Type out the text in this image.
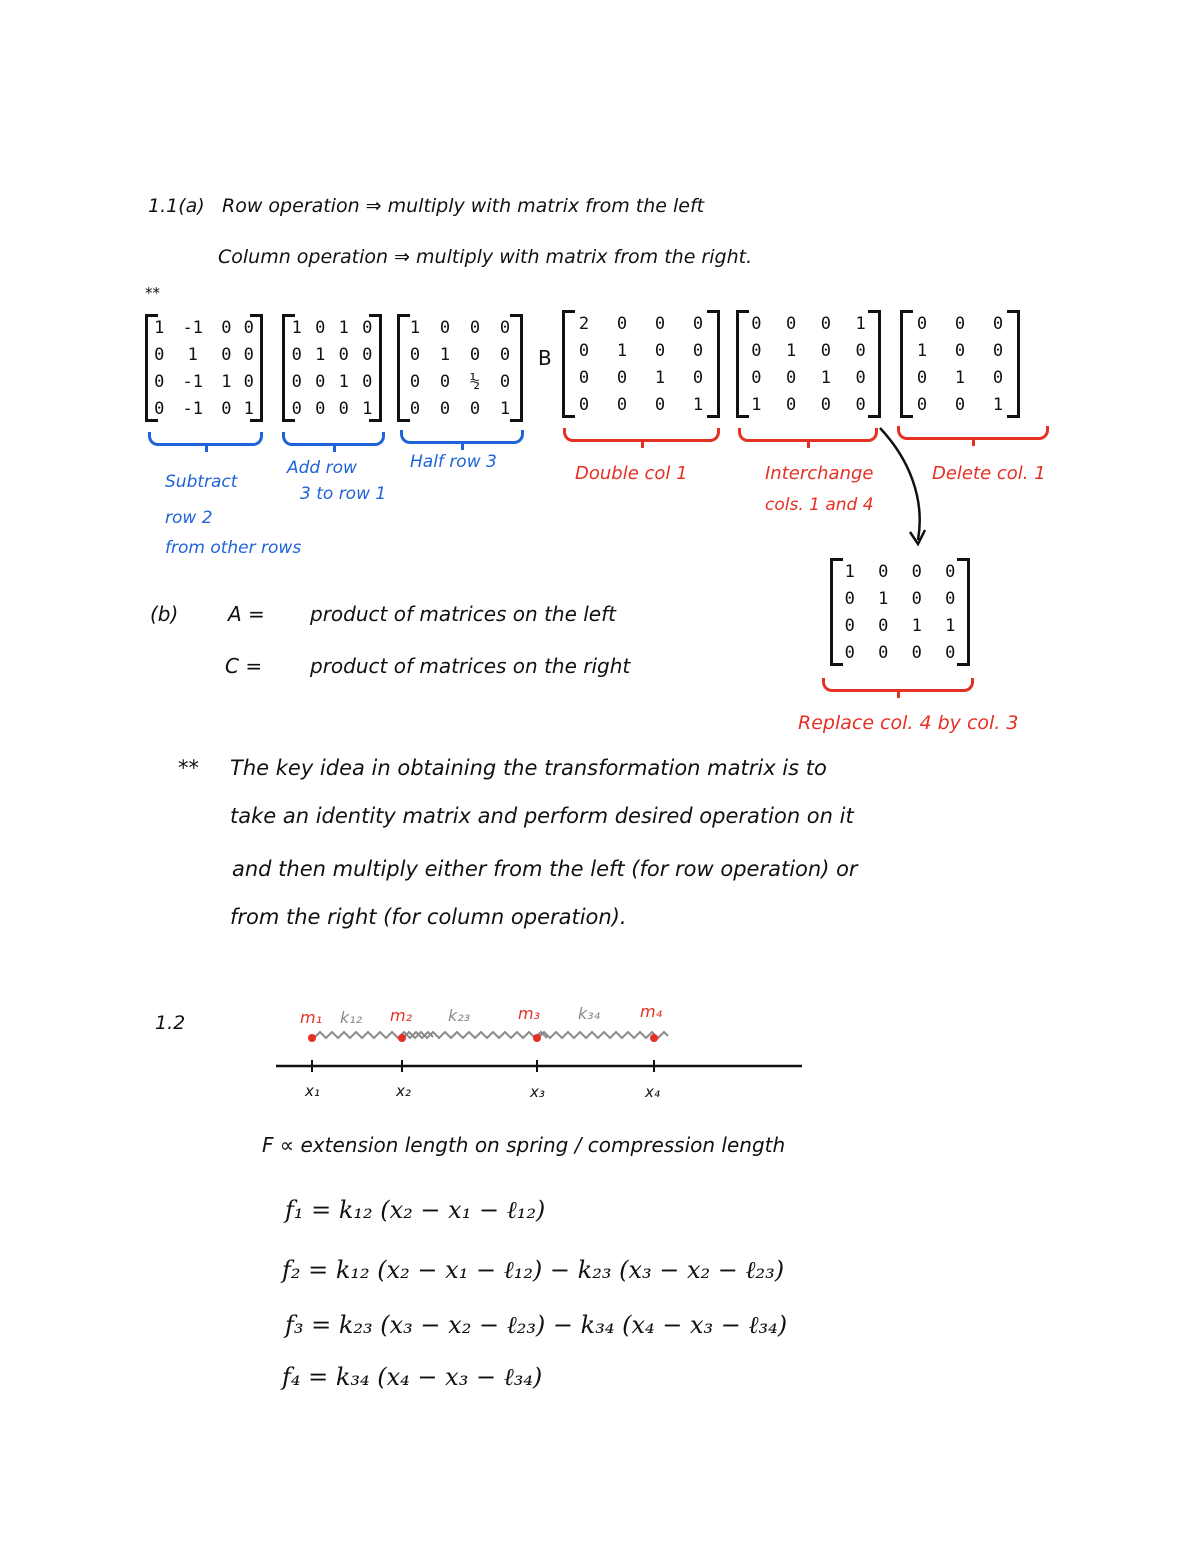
1.1(a) Row operation ⇒ multiply with matrix from the left
Column operation ⇒ multiply with matrix from the right.
**
1	-1	0	0
0	1	0	0
0	-1	1	0
0	-1	0	1
1	0	1	0
0	1	0	0
0	0	1	0
0	0	0	1
1	0	0	0
0	1	0	0
0	0	½	0
0	0	0	1
B
2	0	0	0
0	1	0	0
0	0	1	0
0	0	0	1
0	0	0	1
0	1	0	0
0	0	1	0
1	0	0	0
0	0	0
1	0	0
0	1	0
0	0	1
Subtract
row 2
from other rows
Add row
3 to row 1
Half row 3
Double col 1	Interchange
cols. 1 and 4
Delete col. 1
1	0	0	0
0	1	0	0
0	0	1	1
0	0	0	0
Replace col. 4 by col. 3
(b) A = product of matrices on the left
C = product of matrices on the right
** The key idea in obtaining the transformation matrix is to
take an identity matrix and perform desired operation on it
and then multiply either from the left (for row operation) or
from the right (for column operation).
1.2	m₁ k₁₂ m₂ k₂₃	m₃ k₃₄ m₄
x₁	x₂	x₃	x₄
F ∝ extension length on spring / compression length
f₁ = k₁₂ (x₂ − x₁ − ℓ₁₂)
f₂ = k₁₂ (x₂ − x₁ − ℓ₁₂) − k₂₃ (x₃ − x₂ − ℓ₂₃)
f₃ = k₂₃ (x₃ − x₂ − ℓ₂₃) − k₃₄ (x₄ − x₃ − ℓ₃₄)
f₄ = k₃₄ (x₄ − x₃ − ℓ₃₄)
